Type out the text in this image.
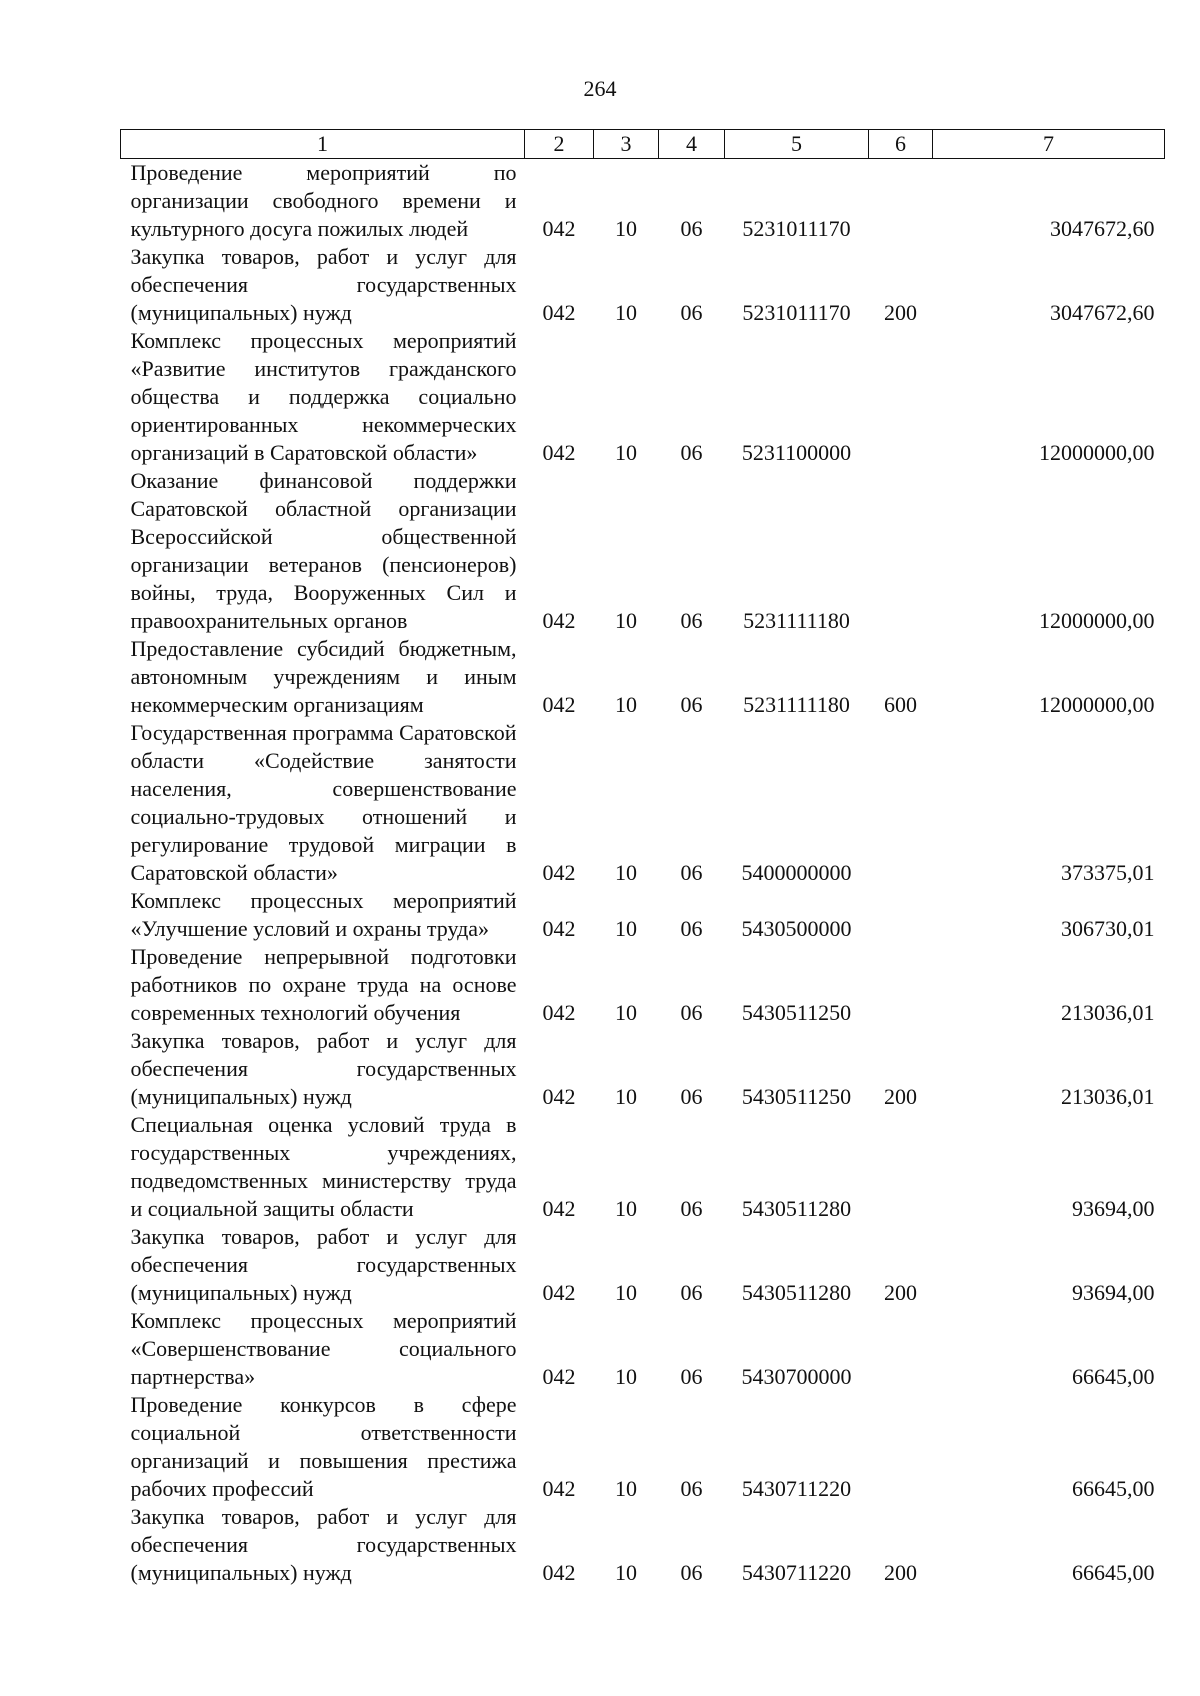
264
1	2	3	4	5	6	7
Проведение мероприятий по организации свободного времени и культурного досуга пожилых людей	042	10	06	5231011170		3047672,60
Закупка товаров, работ и услуг для обеспечения государственных (муниципальных) нужд	042	10	06	5231011170	200	3047672,60
Комплекс процессных мероприятий «Развитие институтов гражданского общества и поддержка социально ориентированных некоммерческих организаций в Саратовской области»	042	10	06	5231100000		12000000,00
Оказание финансовой поддержки Саратовской областной организации Всероссийской общественной организации ветеранов (пенсионеров) войны, труда, Вооруженных Сил и правоохранительных органов	042	10	06	5231111180		12000000,00
Предоставление субсидий бюджетным, автономным учреждениям и иным некоммерческим организациям	042	10	06	5231111180	600	12000000,00
Государственная программа Саратовской области «Содействие занятости населения, совершенствование социально-трудовых отношений и регулирование трудовой миграции в Саратовской области»	042	10	06	5400000000		373375,01
Комплекс процессных мероприятий «Улучшение условий и охраны труда»	042	10	06	5430500000		306730,01
Проведение непрерывной подготовки работников по охране труда на основе современных технологий обучения	042	10	06	5430511250		213036,01
Закупка товаров, работ и услуг для обеспечения государственных (муниципальных) нужд	042	10	06	5430511250	200	213036,01
Специальная оценка условий труда в государственных учреждениях, подведомственных министерству труда и социальной защиты области	042	10	06	5430511280		93694,00
Закупка товаров, работ и услуг для обеспечения государственных (муниципальных) нужд	042	10	06	5430511280	200	93694,00
Комплекс процессных мероприятий «Совершенствование социального партнерства»	042	10	06	5430700000		66645,00
Проведение конкурсов в сфере социальной ответственности организаций и повышения престижа рабочих профессий	042	10	06	5430711220		66645,00
Закупка товаров, работ и услуг для обеспечения государственных (муниципальных) нужд	042	10	06	5430711220	200	66645,00
